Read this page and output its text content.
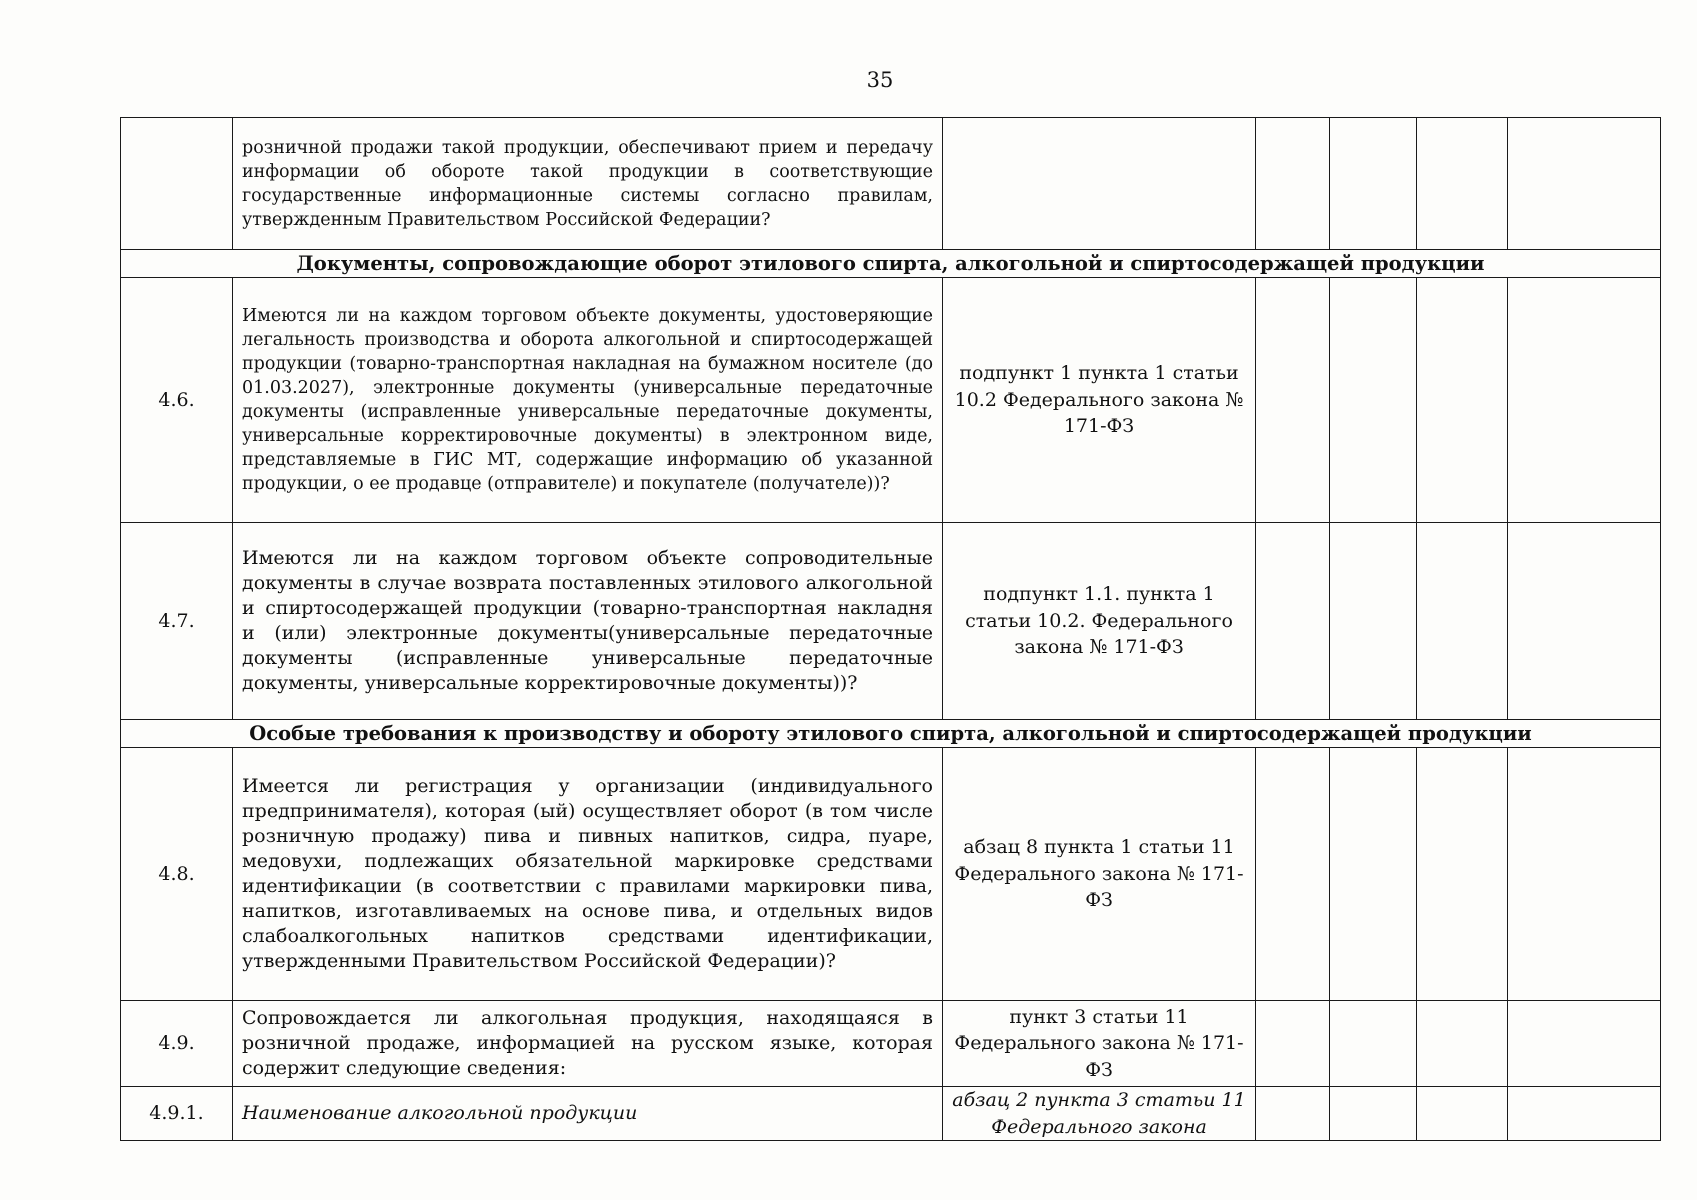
35
	розничной продажи такой продукции, обеспечивают прием и передачу информации об обороте такой продукции в соответствующие государственные информационные системы согласно правилам, утвержденным Правительством Российской Федерации?					
Документы, сопровождающие оборот этилового спирта, алкогольной и спиртосодержащей продукции						
4.6.	Имеются ли на каждом торговом объекте документы, удостоверяющие легальность производства и оборота алкогольной и спиртосодержащей продукции (товарно-транспортная накладная на бумажном носителе (до 01.03.2027), электронные документы (универсальные передаточные документы (исправленные универсальные передаточные документы, универсальные корректировочные документы) в электронном виде, представляемые в ГИС МТ, содержащие информацию об указанной продукции, о ее продавце (отправителе) и покупателе (получателе))?	подпункт 1 пункта 1 статьи 10.2 Федерального закона № 171-ФЗ				
4.7.	Имеются ли на каждом торговом объекте сопроводительные документы в случае возврата поставленных этилового алкогольной и спиртосодержащей продукции (товарно-транспортная накладня и (или) электронные документы(универсальные передаточные документы (исправленные универсальные передаточные документы, универсальные корректировочные документы))?	подпункт 1.1. пункта 1 статьи 10.2. Федерального закона № 171-ФЗ				
Особые требования к производству и обороту этилового спирта, алкогольной и спиртосодержащей продукции						
4.8.	Имеется ли регистрация у организации (индивидуального предпринимателя), которая (ый) осуществляет оборот (в том числе розничную продажу) пива и пивных напитков, сидра, пуаре, медовухи, подлежащих обязательной маркировке средствами идентификации (в соответствии с правилами маркировки пива, напитков, изготавливаемых на основе пива, и отдельных видов слабоалкогольных напитков средствами идентификации, утвержденными Правительством Российской Федерации)?	абзац 8 пункта 1 статьи 11 Федерального закона № 171-ФЗ				
4.9.	Сопровождается ли алкогольная продукция, находящаяся в розничной продаже, информацией на русском языке, которая содержит следующие сведения:	пункт 3 статьи 11 Федерального закона № 171-ФЗ				
4.9.1.	Наименование алкогольной продукции	абзац 2 пункта 3 статьи 11 Федерального закона				
